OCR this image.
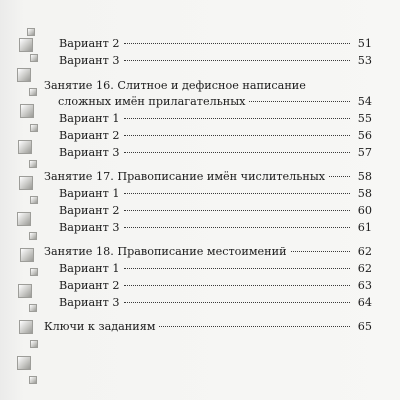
Вариант 2	51
Вариант 3	53
Занятие 16. Слитное и дефисное написание
сложных имён прилагательных	54
Вариант 1	55
Вариант 2	56
Вариант 3	57
Занятие 17. Правописание имён числительных	58
Вариант 1	58
Вариант 2	60
Вариант 3	61
Занятие 18. Правописание местоимений	62
Вариант 1	62
Вариант 2	63
Вариант 3	64
Ключи к заданиям	65
